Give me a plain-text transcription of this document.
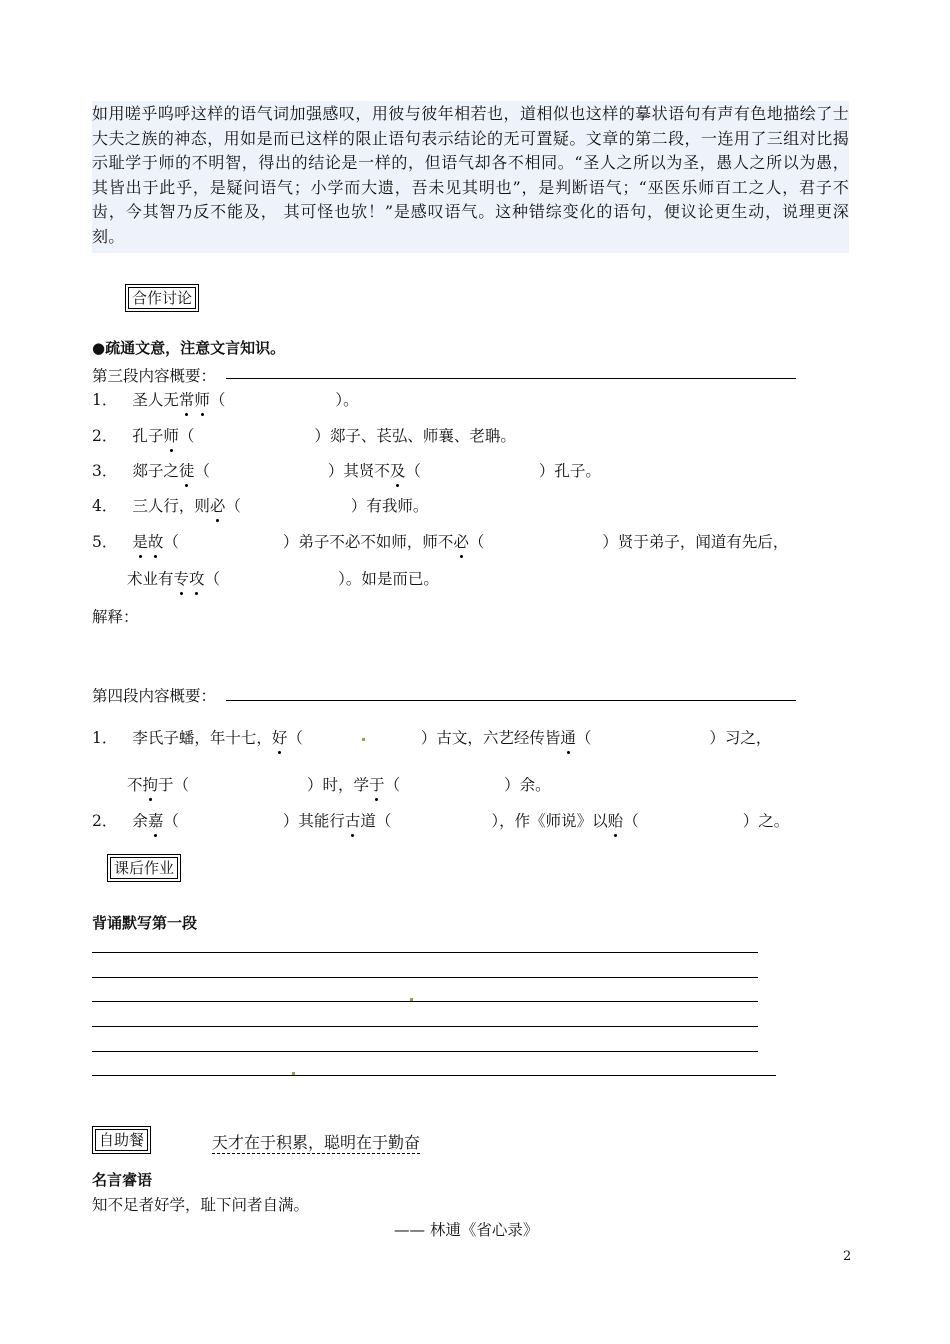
如用嗟乎呜呼这样的语气词加强感叹，用彼与彼年相若也，道相似也这样的摹状语句有声有色地描绘了士大夫之族的神态，用如是而已这样的限止语句表示结论的无可置疑。文章的第二段，一连用了三组对比揭示耻学于师的不明智，得出的结论是一样的，但语气却各不相同。“圣人之所以为圣，愚人之所以为愚，其皆出于此乎，是疑问语气；小学而大遗，吾未见其明也”，是判断语气；“巫医乐师百工之人，君子不齿，今其智乃反不能及， 其可怪也欤！”是感叹语气。这种错综变化的语句，便议论更生动，说理更深刻。
合作讨论
●疏通文意，注意文言知识。
第三段内容概要：
1． 圣人无常师（	）。
2． 孔子师（	）郯子、苌弘、师襄、老聃。
3． 郯子之徒（	）其贤不及（	）孔子。
4． 三人行，则必（	）有我师。
5． 是故（	）弟子不必不如师，师不必（	）贤于弟子，闻道有先后，
术业有专攻（	）。如是而已。
解释：
第四段内容概要：
1． 李氏子蟠，年十七，好（	）古文，六艺经传皆通（	）习之，
不拘于（	）时，学于（	）余。
2． 余嘉（	）其能行古道（	），作《师说》以贻（	）之。
课后作业
背诵默写第一段
自助餐	天才在于积累，聪明在于勤奋
名言睿语
知不足者好学，耻下问者自满。
—— 林逋《省心录》
2
